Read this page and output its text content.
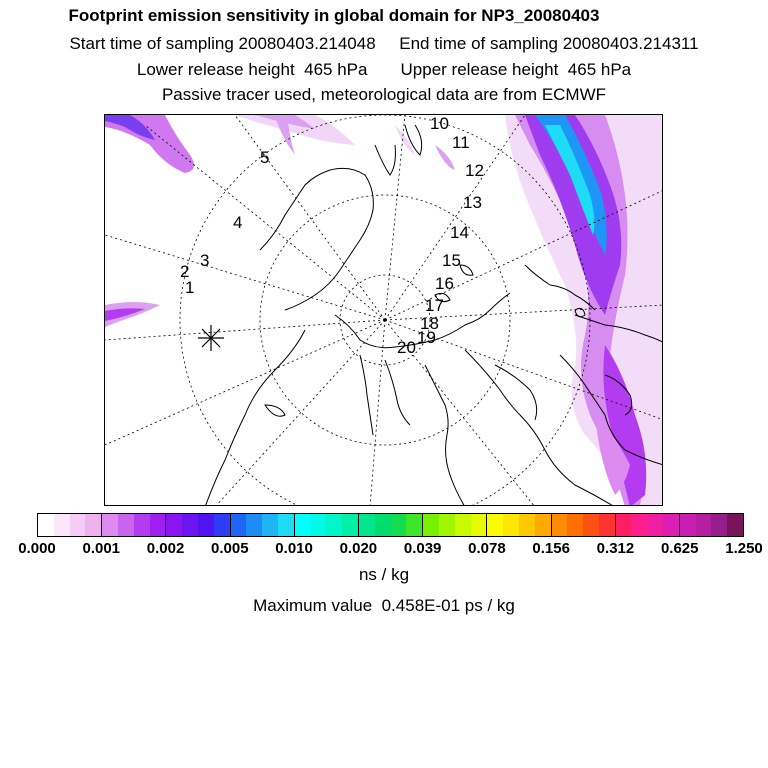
Footprint emission sensitivity in global domain for NP3_20080403
Start time of sampling 20080403.214048     End time of sampling 20080403.214311
Lower release height  465 hPa       Upper release height  465 hPa
Passive tracer used, meteorological data are from ECMWF
1
2
3
4
5
10
11
12
13
14
15
16
17
18
19
20
0.000 0.001 0.002 0.005 0.010 0.020 0.039 0.078 0.156 0.312 0.625 1.250
ns / kg
Maximum value  0.458E-01 ps / kg
